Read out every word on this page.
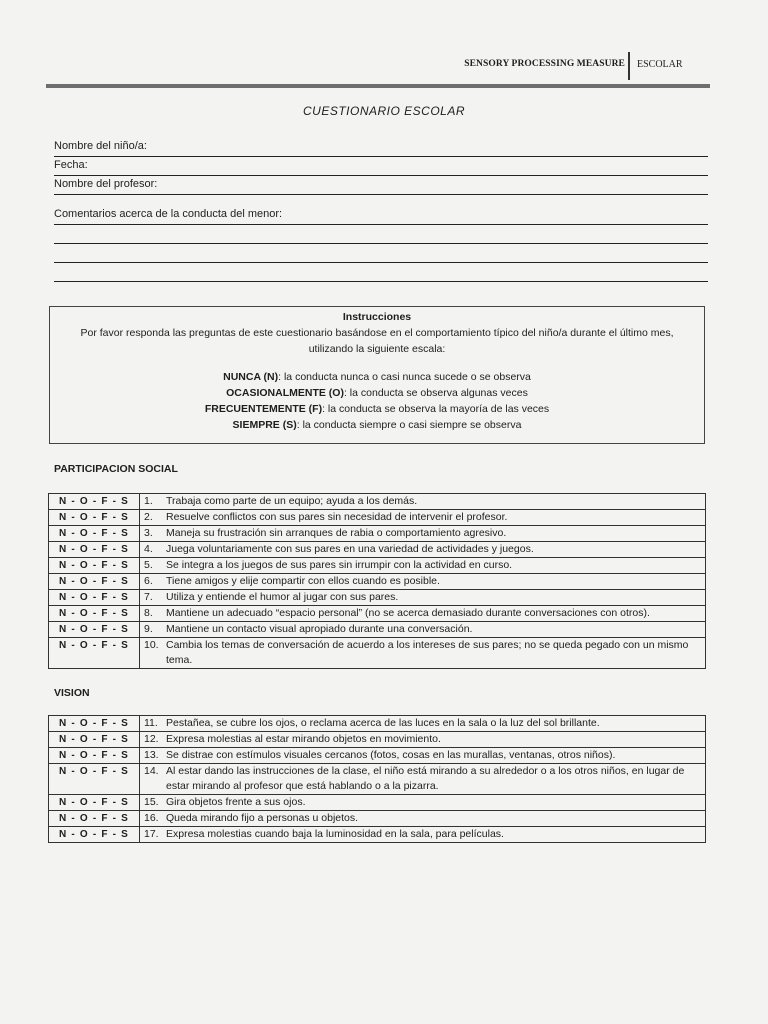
SENSORY PROCESSING MEASURE ESCOLAR
CUESTIONARIO ESCOLAR
Nombre del niño/a:
Fecha:
Nombre del profesor:
Comentarios acerca de la conducta del menor:
Instrucciones
Por favor responda las preguntas de este cuestionario basándose en el comportamiento típico del niño/a durante el último mes,
utilizando la siguiente escala:
NUNCA (N): la conducta nunca o casi nunca sucede o se observa
OCASIONALMENTE (O): la conducta se observa algunas veces
FRECUENTEMENTE (F): la conducta se observa la mayoría de las veces
SIEMPRE (S): la conducta siempre o casi siempre se observa
PARTICIPACION SOCIAL
N - O - F - S	1. Trabaja como parte de un equipo; ayuda a los demás.
N - O - F - S	2. Resuelve conflictos con sus pares sin necesidad de intervenir el profesor.
N - O - F - S	3. Maneja su frustración sin arranques de rabia o comportamiento agresivo.
N - O - F - S	4. Juega voluntariamente con sus pares en una variedad de actividades y juegos.
N - O - F - S	5. Se integra a los juegos de sus pares sin irrumpir con la actividad en curso.
N - O - F - S	6. Tiene amigos y elije compartir con ellos cuando es posible.
N - O - F - S	7. Utiliza y entiende el humor al jugar con sus pares.
N - O - F - S	8. Mantiene un adecuado “espacio personal” (no se acerca demasiado durante conversaciones con otros).
N - O - F - S	9. Mantiene un contacto visual apropiado durante una conversación.
N - O - F - S	10. Cambia los temas de conversación de acuerdo a los intereses de sus pares; no se queda pegado con un mismo tema.
VISION
N - O - F - S	11. Pestañea, se cubre los ojos, o reclama acerca de las luces en la sala o la luz del sol brillante.
N - O - F - S	12. Expresa molestias al estar mirando objetos en movimiento.
N - O - F - S	13. Se distrae con estímulos visuales cercanos (fotos, cosas en las murallas, ventanas, otros niños).
N - O - F - S	14. Al estar dando las instrucciones de la clase, el niño está mirando a su alrededor o a los otros niños, en lugar de estar mirando al profesor que está hablando o a la pizarra.
N - O - F - S	15. Gira objetos frente a sus ojos.
N - O - F - S	16. Queda mirando fijo a personas u objetos.
N - O - F - S	17. Expresa molestias cuando baja la luminosidad en la sala, para películas.
